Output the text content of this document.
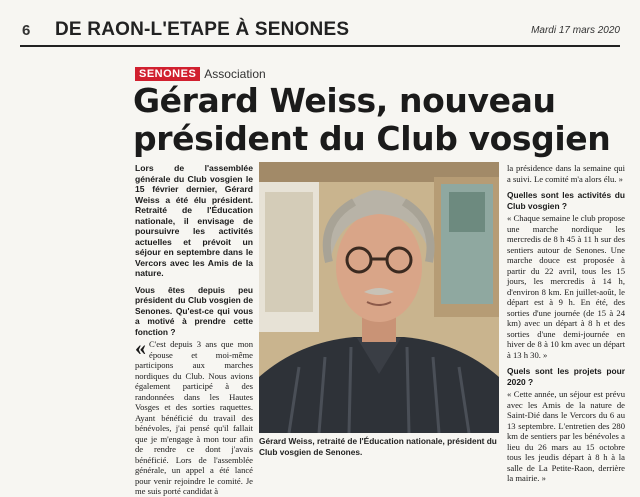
6 DE RAON-L'ETAPE À SENONES	Mardi 17 mars 2020
SENONES Association
Gérard Weiss, nouveau président du Club vosgien

Lors de l'assemblée générale du Club vosgien le 15 février dernier, Gérard Weiss a été élu président. Retraité de l'Éducation nationale, il envisage de poursuivre les activités actuelles et prévoit un séjour en septembre dans le Vercors avec les Amis de la nature.

Vous êtes depuis peu président du Club vosgien de Senones. Qu'est-ce qui vous a motivé à prendre cette fonction ?

« C'est depuis 3 ans que mon épouse et moi-même participons aux marches nordiques du Club. Nous avions également participé à des randonnées dans les Hautes Vosges et des sorties raquettes. Ayant bénéficié du travail des bénévoles, j'ai pensé qu'il fallait que je m'engage à mon tour afin de rendre ce dont j'avais bénéficié. Lors de l'assemblée générale, un appel a été lancé pour venir rejoindre le comité. Je me suis porté candidat à

Gérard Weiss, retraité de l'Éducation nationale, président du Club vosgien de Senones.

la présidence dans la semaine qui a suivi. Le comité m'a alors élu. »

Quelles sont les activités du Club vosgien ?

« Chaque semaine le club propose une marche nordique les mercredis de 8 h 45 à 11 h sur des sentiers autour de Senones. Une marche douce est proposée à partir du 22 avril, tous les 15 jours, les mercredis à 14 h, d'environ 8 km. En juillet-août, le départ est à 9 h. En été, des sorties d'une journée (de 15 à 24 km) avec un départ à 8 h et des sorties d'une demi-journée en hiver de 8 à 10 km avec un départ à 13 h 30. »

Quels sont les projets pour 2020 ?

« Cette année, un séjour est prévu avec les Amis de la nature de Saint-Dié dans le Vercors du 6 au 13 septembre. L'entretien des 280 km de sentiers par les bénévoles a lieu du 26 mars au 15 octobre tous les jeudis départ à 8 h à la salle de La Petite-Raon, derrière la mairie. »
